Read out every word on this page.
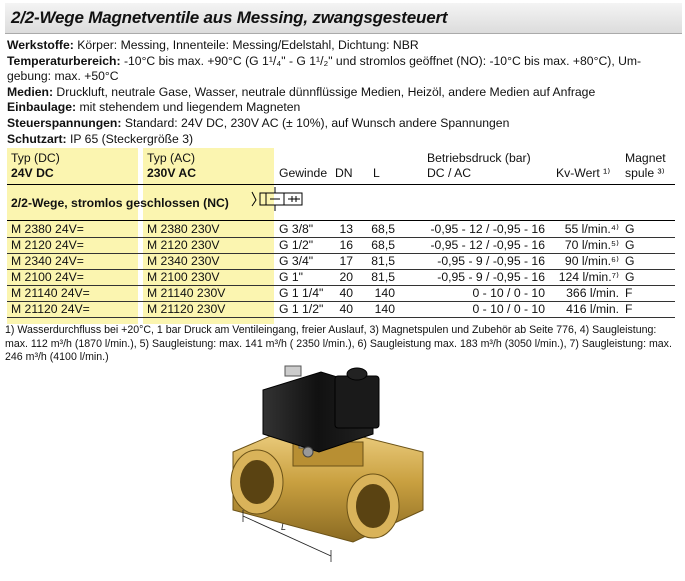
2/2-Wege Magnetventile aus Messing, zwangsgesteuert

Werkstoffe: Körper: Messing, Innenteile: Messing/Edelstahl, Dichtung: NBR

Temperaturbereich: -10°C bis max. +90°C (G 1¹/₄" - G 1¹/₂" und stromlos geöffnet (NO): -10°C bis max. +80°C), Um-

gebung: max. +50°C

Medien: Druckluft, neutrale Gase, Wasser, neutrale dünnflüssige Medien, Heizöl, andere Medien auf Anfrage

Einbaulage: mit stehendem und liegendem Magneten

Steuerspannungen: Standard: 24V DC, 230V AC (± 10%), auf Wunsch andere Spannungen

Schutzart: IP 65 (Steckergröße 3)

Typ (DC)
24V DC
Typ (AC)
230V AC	Gewinde DN L
Betriebsdruck (bar)
DC / AC	Kv-Wert ¹⁾
Magnet
spule ³⁾
2/2-Wege, stromlos geschlossen (NC)
M 2380 24V=	M 2380 230V	G 3/8"	13	68,5	-0,95 - 12 / -0,95 - 16	55 l/min.⁴⁾ G
M 2120 24V=	M 2120 230V	G 1/2"	16	68,5	-0,95 - 12 / -0,95 - 16	70 l/min.⁵⁾ G
M 2340 24V=	M 2340 230V	G 3/4"	17	81,5	-0,95 - 9 / -0,95 - 16	90 l/min.⁶⁾ G
M 2100 24V=	M 2100 230V	G 1"	20	81,5	-0,95 - 9 / -0,95 - 16	124 l/min.⁷⁾ G
M 21140 24V=	M 21140 230V	G 1 1/4"	40	140	0 - 10 / 0 - 10	366 l/min. F
M 21120 24V=	M 21120 230V	G 1 1/2"	40	140	0 - 10 / 0 - 10	416 l/min. F
1) Wasserdurchfluss bei +20°C, 1 bar Druck am Ventileingang, freier Auslauf, 3) Magnetspulen und Zubehör ab Seite 776, 4) Saugleistung: max. 112 m³/h (1870 l/min.), 5) Saugleistung: max. 141 m³/h ( 2350 l/min.), 6) Saugleistung max. 183 m³/h (3050 l/min.), 7) Saugleistung: max. 246 m³/h (4100 l/min.)
L
